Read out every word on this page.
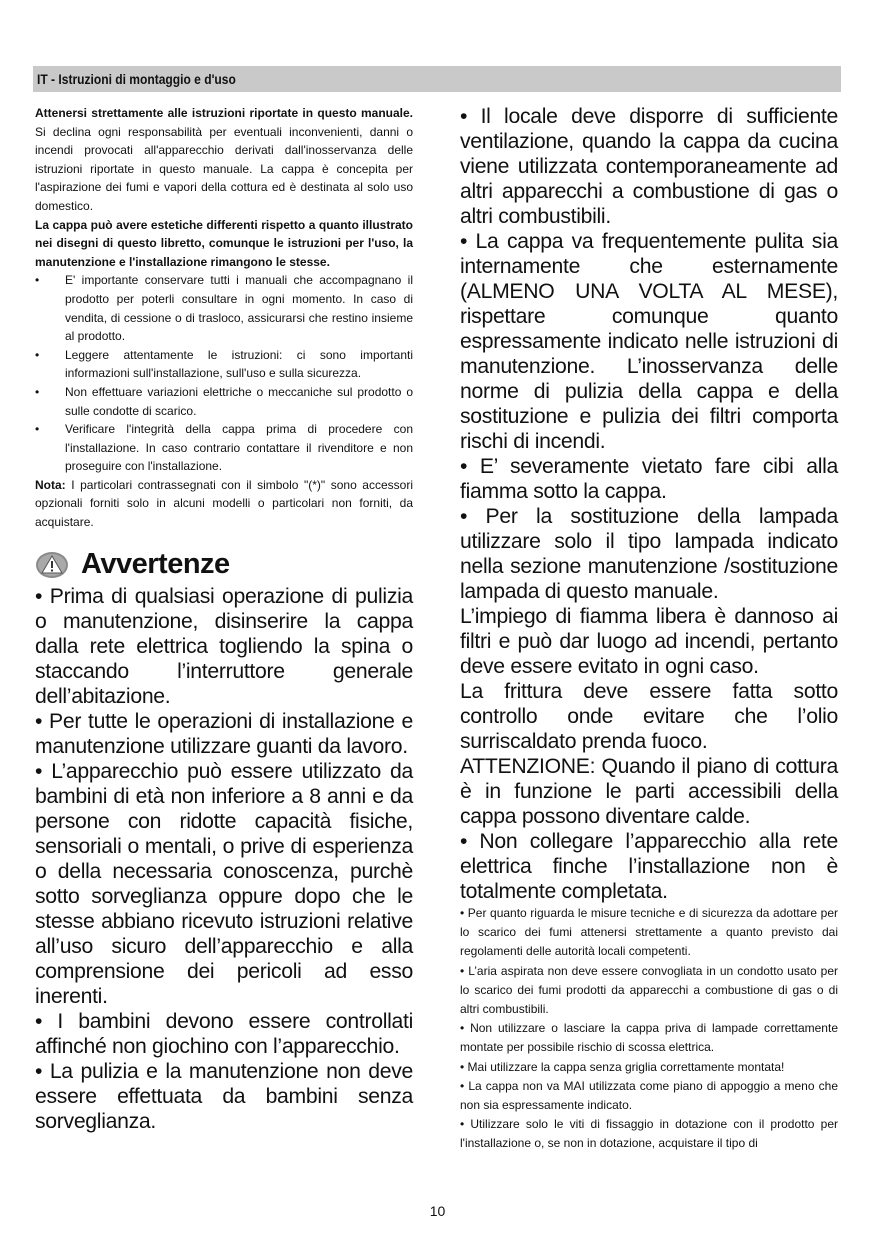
IT - Istruzioni di montaggio e d'uso

Attenersi strettamente alle istruzioni riportate in questo manuale. Si declina ogni responsabilità per eventuali inconvenienti, danni o incendi provocati all'apparecchio derivati dall'inosservanza delle istruzioni riportate in questo manuale. La cappa è concepita per l'aspirazione dei fumi e vapori della cottura ed è destinata al solo uso domestico.

La cappa può avere estetiche differenti rispetto a quanto illustrato nei disegni di questo libretto, comunque le istruzioni per l'uso, la manutenzione e l'installazione rimangono le stesse.

• E' importante conservare tutti i manuali che accompagnano il prodotto per poterli consultare in ogni momento. In caso di vendita, di cessione o di trasloco, assicurarsi che restino insieme al prodotto.

• Leggere attentamente le istruzioni: ci sono importanti informazioni sull'installazione, sull'uso e sulla sicurezza.

• Non effettuare variazioni elettriche o meccaniche sul prodotto o sulle condotte di scarico.

• Verificare l'integrità della cappa prima di procedere con l'installazione. In caso contrario contattare il rivenditore e non proseguire con l'installazione.

Nota: I particolari contrassegnati con il simbolo "(*)" sono accessori opzionali forniti solo in alcuni modelli o particolari non forniti, da acquistare.

Avvertenze

• Prima di qualsiasi operazione di pulizia o manutenzione, disinserire la cappa dalla rete elettrica togliendo la spina o staccando l’interruttore generale dell’abitazione.

• Per tutte le operazioni di installazione e manutenzione utilizzare guanti da lavoro.

• L’apparecchio può essere utilizzato da bambini di età non inferiore a 8 anni e da persone con ridotte capacità fisiche, sensoriali o mentali, o prive di esperienza o della necessaria conoscenza, purchè sotto sorveglianza oppure dopo che le stesse abbiano ricevuto istruzioni relative all’uso sicuro dell’apparecchio e alla comprensione dei pericoli ad esso inerenti.

• I bambini devono essere controllati affinché non giochino con l’apparecchio.

• La pulizia e la manutenzione non deve essere effettuata da bambini senza sorveglianza.

• Il locale deve disporre di sufficiente ventilazione, quando la cappa da cucina viene utilizzata contemporaneamente ad altri apparecchi a combustione di gas o altri combustibili.

• La cappa va frequentemente pulita sia internamente che esternamente (ALMENO UNA VOLTA AL MESE), rispettare comunque quanto espressamente indicato nelle istruzioni di manutenzione. L’inosservanza delle norme di pulizia della cappa e della sostituzione e pulizia dei filtri comporta rischi di incendi.

• E’ severamente vietato fare cibi alla fiamma sotto la cappa.

• Per la sostituzione della lampada utilizzare solo il tipo lampada indicato nella sezione manutenzione /sostituzione lampada di questo manuale.

L’impiego di fiamma libera è dannoso ai filtri e può dar luogo ad incendi, pertanto deve essere evitato in ogni caso.

La frittura deve essere fatta sotto controllo onde evitare che l’olio surriscaldato prenda fuoco.

ATTENZIONE: Quando il piano di cottura è in funzione le parti accessibili della cappa possono diventare calde.

• Non collegare l’apparecchio alla rete elettrica finche l’installazione non è totalmente completata.

• Per quanto riguarda le misure tecniche e di sicurezza da adottare per lo scarico dei fumi attenersi strettamente a quanto previsto dai regolamenti delle autorità locali competenti.

• L’aria aspirata non deve essere convogliata in un condotto usato per lo scarico dei fumi prodotti da apparecchi a combustione di gas o di altri combustibili.

• Non utilizzare o lasciare la cappa priva di lampade correttamente montate per possibile rischio di scossa elettrica.

• Mai utilizzare la cappa senza griglia correttamente montata!

• La cappa non va MAI utilizzata come piano di appoggio a meno che non sia espressamente indicato.

• Utilizzare solo le viti di fissaggio in dotazione con il prodotto per l'installazione o, se non in dotazione, acquistare il tipo di

10
